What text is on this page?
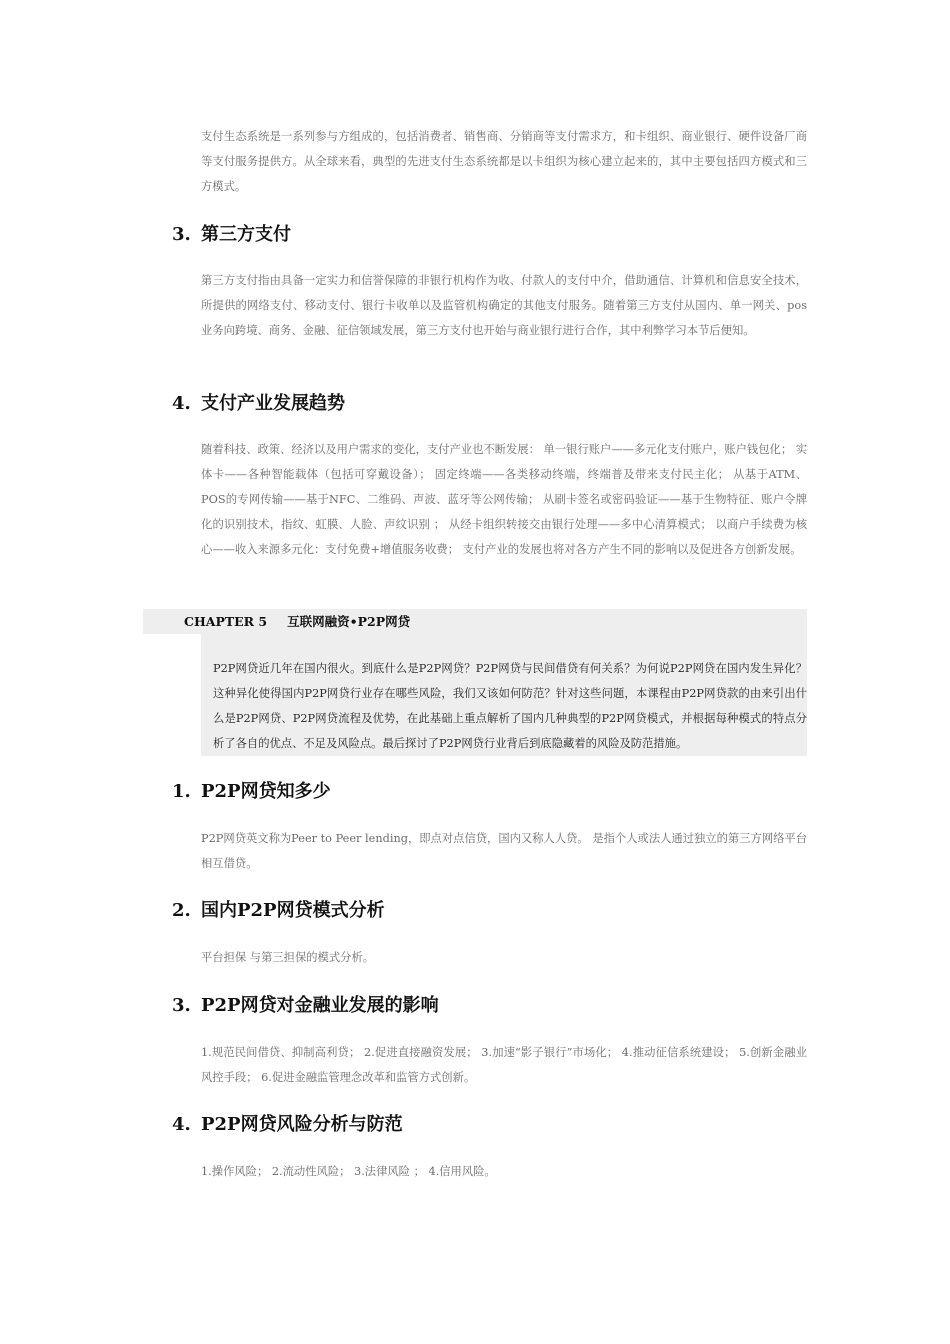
支付生态系统是一系列参与方组成的，包括消费者、销售商、分销商等支付需求方，和卡组织、商业银行、硬件设备厂商等支付服务提供方。从全球来看，典型的先进支付生态系统都是以卡组织为核心建立起来的，其中主要包括四方模式和三方模式。

3. 第三方支付

第三方支付指由具备一定实力和信誉保障的非银行机构作为收、付款人的支付中介，借助通信、计算机和信息安全技术，所提供的网络支付、移动支付、银行卡收单以及监管机构确定的其他支付服务。随着第三方支付从国内、单一网关、pos业务向跨境、商务、金融、征信领域发展，第三方支付也开始与商业银行进行合作，其中利弊学习本节后便知。

4. 支付产业发展趋势

随着科技、政策、经济以及用户需求的变化，支付产业也不断发展： 单一银行账户——多元化支付账户，账户钱包化； 实体卡——各种智能载体（包括可穿戴设备）； 固定终端——各类移动终端，终端普及带来支付民主化； 从基于ATM、POS的专网传输——基于NFC、二维码、声波、蓝牙等公网传输； 从刷卡签名或密码验证——基于生物特征、账户令牌化的识别技术，指纹、虹膜、人脸、声纹识别 ； 从经卡组织转接交由银行处理——多中心清算模式； 以商户手续费为核心——收入来源多元化：支付免费+增值服务收费； 支付产业的发展也将对各方产生不同的影响以及促进各方创新发展。

CHAPTER 5 互联网融资•P2P网贷

P2P网贷近几年在国内很火。到底什么是P2P网贷？P2P网贷与民间借贷有何关系？为何说P2P网贷在国内发生异化？这种异化使得国内P2P网贷行业存在哪些风险，我们又该如何防范？针对这些问题，本课程由P2P网贷款的由来引出什么是P2P网贷、P2P网贷流程及优势，在此基础上重点解析了国内几种典型的P2P网贷模式，并根据每种模式的特点分析了各自的优点、不足及风险点。最后探讨了P2P网贷行业背后到底隐藏着的风险及防范措施。

1. P2P网贷知多少

P2P网贷英文称为Peer to Peer lending，即点对点信贷，国内又称人人贷。 是指个人或法人通过独立的第三方网络平台相互借贷。

2. 国内P2P网贷模式分析

平台担保 与第三担保的模式分析。

3. P2P网贷对金融业发展的影响

1.规范民间借贷、抑制高利贷； 2.促进直接融资发展； 3.加速“影子银行”市场化； 4.推动征信系统建设； 5.创新金融业风控手段； 6.促进金融监管理念改革和监管方式创新。

4. P2P网贷风险分析与防范

1.操作风险； 2.流动性风险； 3.法律风险 ； 4.信用风险。
